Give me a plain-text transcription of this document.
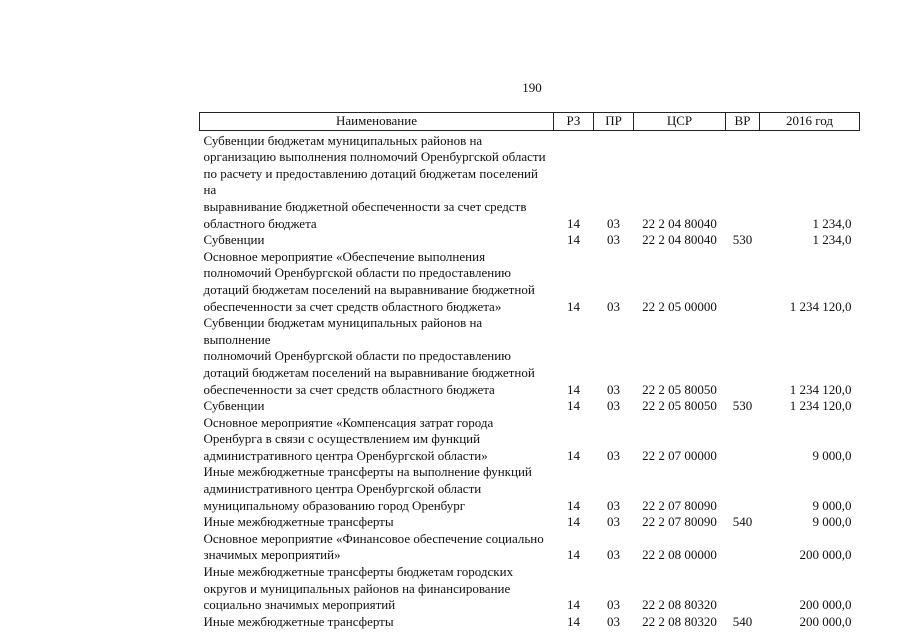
190
Наименование	РЗ	ПР	ЦСР	ВР	2016 год

Субвенции бюджетам муниципальных районов на
организацию выполнения полномочий Оренбургской области
по расчету и предоставлению дотаций бюджетам поселений на
выравнивание бюджетной обеспеченности за счет средств
областного бюджета	14	03	22 2 04 80040		1 234,0
Субвенции	14	03	22 2 04 80040	530	1 234,0
Основное мероприятие «Обеспечение выполнения
полномочий Оренбургской области по предоставлению
дотаций бюджетам поселений на выравнивание бюджетной
обеспеченности за счет средств областного бюджета»	14	03	22 2 05 00000		1 234 120,0
Субвенции бюджетам муниципальных районов на выполнение
полномочий Оренбургской области по предоставлению
дотаций бюджетам поселений на выравнивание бюджетной
обеспеченности за счет средств областного бюджета	14	03	22 2 05 80050		1 234 120,0
Субвенции	14	03	22 2 05 80050	530	1 234 120,0
Основное мероприятие «Компенсация затрат города
Оренбурга в связи с осуществлением им функций
административного центра Оренбургской области»	14	03	22 2 07 00000		9 000,0
Иные межбюджетные трансферты на выполнение функций
административного центра Оренбургской области
муниципальному образованию город Оренбург	14	03	22 2 07 80090		9 000,0
Иные межбюджетные трансферты	14	03	22 2 07 80090	540	9 000,0
Основное мероприятие «Финансовое обеспечение социально
значимых мероприятий»	14	03	22 2 08 00000		200 000,0
Иные межбюджетные трансферты бюджетам городских
округов и муниципальных районов на финансирование
социально значимых мероприятий	14	03	22 2 08 80320		200 000,0
Иные межбюджетные трансферты	14	03	22 2 08 80320	540	200 000,0
